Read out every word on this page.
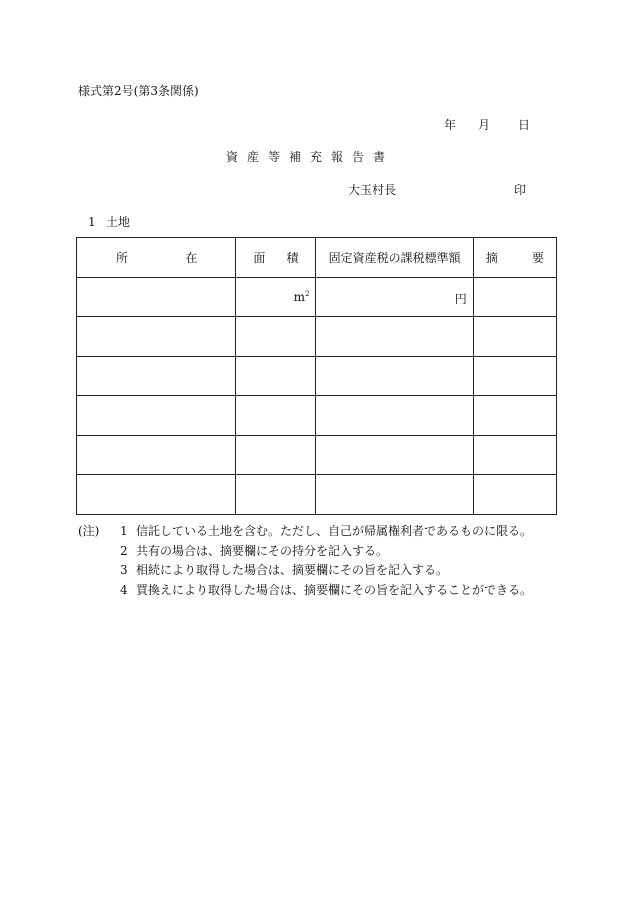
様式第2号(第3条関係)
年 月 日
資産等補充報告書
大玉村長	印
1 土地
所 在	面 積	固定資産税の課税標準額	摘 要

	$m^2$	円	

(注)	1 信託している土地を含む。ただし、自己が帰属権利者であるものに限る。
2 共有の場合は、摘要欄にその持分を記入する。
3 相続により取得した場合は、摘要欄にその旨を記入する。
4 買換えにより取得した場合は、摘要欄にその旨を記入することができる。
